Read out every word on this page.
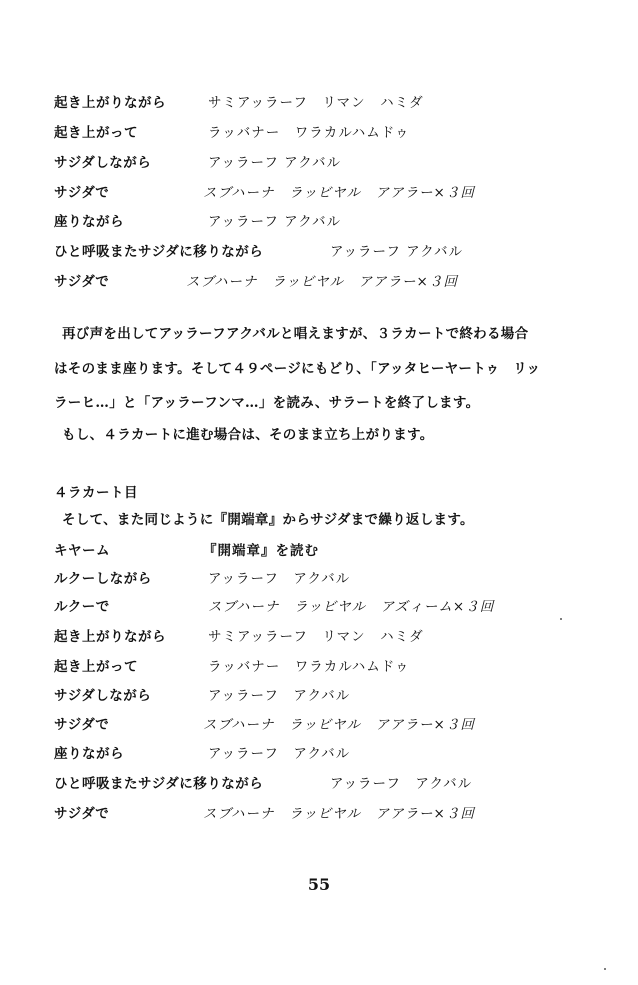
起き上がりながら	サミアッラーフ　リマン　ハミダ
起き上がって	ラッバナー　ワラカルハムドゥ
サジダしながら	アッラーフ アクバル
サジダで	スブハーナ　ラッビヤル　アアラー×３回
座りながら	アッラーフ アクバル
ひと呼吸またサジダに移りながら	アッラーフ アクバル
サジダで	スブハーナ　ラッビヤル　アアラー×３回
再び声を出してアッラーフアクバルと唱えますが、３ラカートで終わる場合
はそのまま座ります。そして４９ページにもどり、「アッタヒーヤートゥ　リッ
ラーヒ…」と「アッラーフンマ…」を読み、サラートを終了します。
もし、４ラカートに進む場合は、そのまま立ち上がります。
４ラカート目
そして、また同じように『開端章』からサジダまで繰り返します。
キヤーム	『開端章』を読む
ルクーしながら	アッラーフ　アクバル
ルクーで	スブハーナ　ラッビヤル　アズィーム×３回
起き上がりながら	サミアッラーフ　リマン　ハミダ
起き上がって	ラッバナー　ワラカルハムドゥ
サジダしながら	アッラーフ　アクバル
サジダで	スブハーナ　ラッビヤル　アアラー×３回
座りながら	アッラーフ　アクバル
ひと呼吸またサジダに移りながら	アッラーフ　アクバル
サジダで	スブハーナ　ラッビヤル　アアラー×３回
55
